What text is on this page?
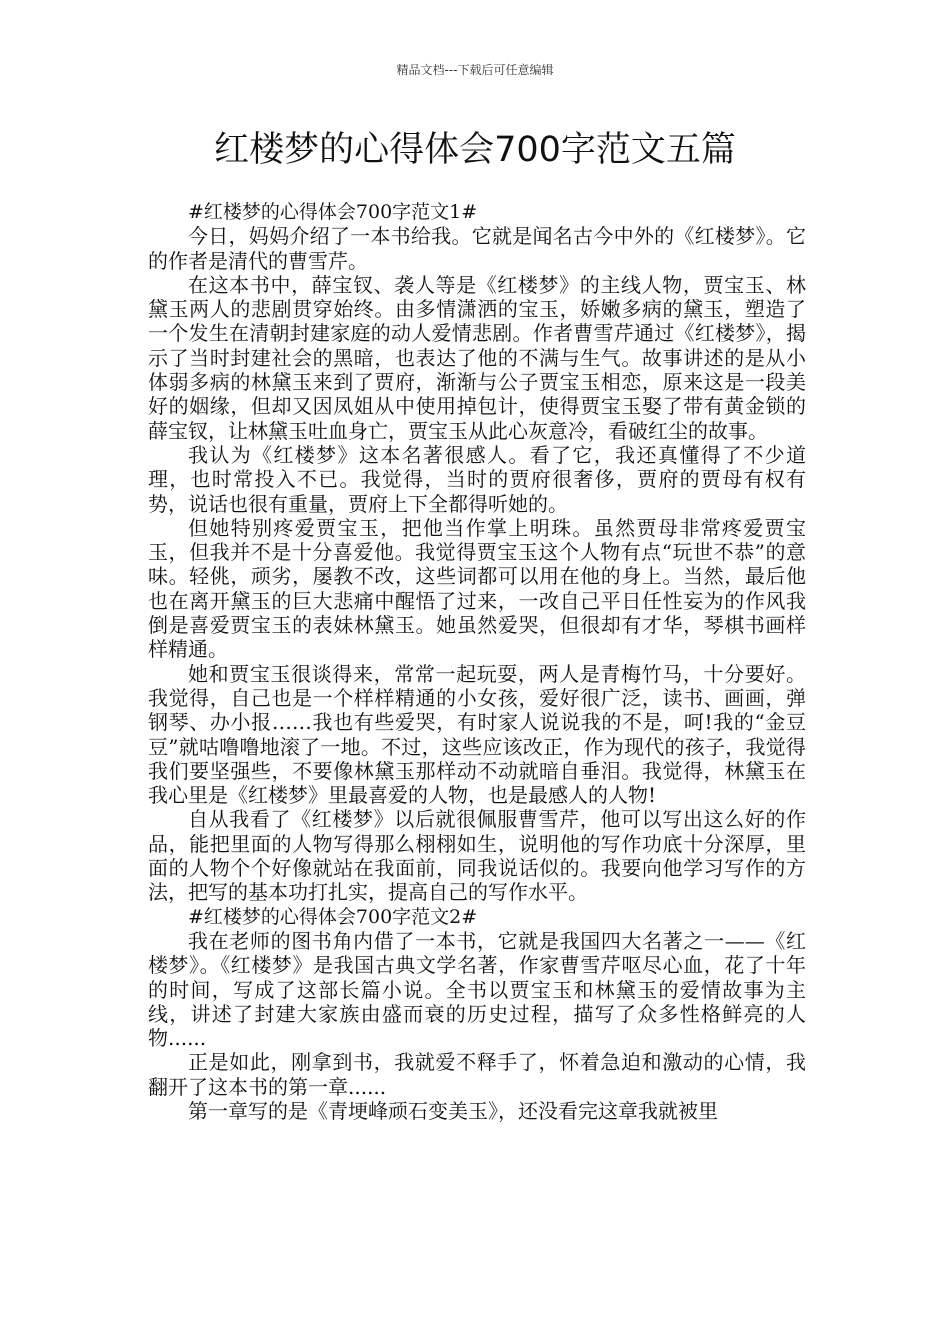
精品文档---下载后可任意编辑
红楼梦的心得体会700字范文五篇

#红楼梦的心得体会700字范文1#

今日，妈妈介绍了一本书给我。它就是闻名古今中外的《红楼梦》。它的作者是清代的曹雪芹。

在这本书中，薛宝钗、袭人等是《红楼梦》的主线人物，贾宝玉、林黛玉两人的悲剧贯穿始终。由多情潇洒的宝玉，娇嫩多病的黛玉，塑造了一个发生在清朝封建家庭的动人爱情悲剧。作者曹雪芹通过《红楼梦》，揭示了当时封建社会的黑暗，也表达了他的不满与生气。故事讲述的是从小体弱多病的林黛玉来到了贾府，渐渐与公子贾宝玉相恋，原来这是一段美好的姻缘，但却又因凤姐从中使用掉包计，使得贾宝玉娶了带有黄金锁的薛宝钗，让林黛玉吐血身亡，贾宝玉从此心灰意冷，看破红尘的故事。

我认为《红楼梦》这本名著很感人。看了它，我还真懂得了不少道理，也时常投入不已。我觉得，当时的贾府很奢侈，贾府的贾母有权有势，说话也很有重量，贾府上下全都得听她的。

但她特别疼爱贾宝玉，把他当作掌上明珠。虽然贾母非常疼爱贾宝玉，但我并不是十分喜爱他。我觉得贾宝玉这个人物有点“玩世不恭”的意味。轻佻，顽劣，屡教不改，这些词都可以用在他的身上。当然，最后他也在离开黛玉的巨大悲痛中醒悟了过来，一改自己平日任性妄为的作风我倒是喜爱贾宝玉的表妹林黛玉。她虽然爱哭，但很却有才华，琴棋书画样样精通。

她和贾宝玉很谈得来，常常一起玩耍，两人是青梅竹马，十分要好。我觉得，自己也是一个样样精通的小女孩，爱好很广泛，读书、画画，弹钢琴、办小报……我也有些爱哭，有时家人说说我的不是，呵!我的“金豆豆”就咕噜噜地滚了一地。不过，这些应该改正，作为现代的孩子，我觉得我们要坚强些，不要像林黛玉那样动不动就暗自垂泪。我觉得，林黛玉在我心里是《红楼梦》里最喜爱的人物，也是最感人的人物!

自从我看了《红楼梦》以后就很佩服曹雪芹，他可以写出这么好的作品，能把里面的人物写得那么栩栩如生，说明他的写作功底十分深厚，里面的人物个个好像就站在我面前，同我说话似的。我要向他学习写作的方法，把写的基本功打扎实，提高自己的写作水平。

#红楼梦的心得体会700字范文2#

我在老师的图书角内借了一本书，它就是我国四大名著之一——《红楼梦》。《红楼梦》是我国古典文学名著，作家曹雪芹呕尽心血，花了十年的时间，写成了这部长篇小说。全书以贾宝玉和林黛玉的爱情故事为主线，讲述了封建大家族由盛而衰的历史过程，描写了众多性格鲜亮的人物......

正是如此，刚拿到书，我就爱不释手了，怀着急迫和激动的心情，我翻开了这本书的第一章......

第一章写的是《青埂峰顽石变美玉》，还没看完这章我就被里
